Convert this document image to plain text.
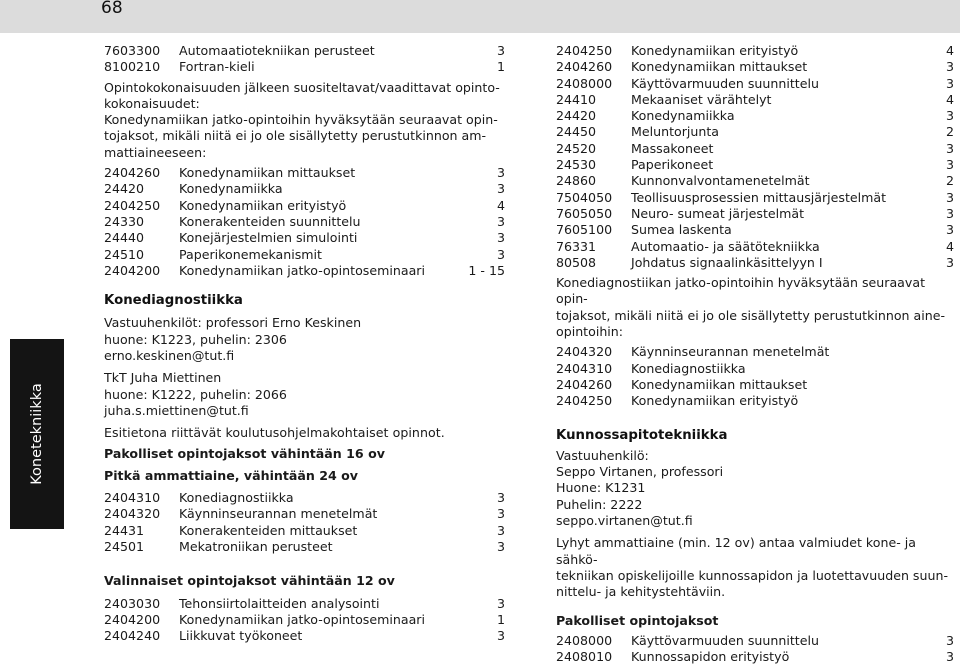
68
Konetekniikka
7603300 Automaatiotekniikan perusteet	3
8100210 Fortran-kieli	1
Opintokokonaisuuden jälkeen suositeltavat/vaadittavat opinto-
kokonaisuudet:
Konedynamiikan jatko-opintoihin hyväksytään seuraavat opin-
tojaksot, mikäli niitä ei jo ole sisällytetty perustutkinnon am-
mattiaineeseen:
2404260 Konedynamiikan mittaukset	3
24420	Konedynamiikka	3
2404250 Konedynamiikan erityistyö	4
24330	Konerakenteiden suunnittelu	3
24440	Konejärjestelmien simulointi	3
24510	Paperikonemekanismit	3
2404200 Konedynamiikan jatko-opintoseminaari	1 - 15
Konediagnostiikka
Vastuuhenkilöt: professori Erno Keskinen
huone: K1223, puhelin: 2306
erno.keskinen@tut.fi
TkT Juha Miettinen
huone: K1222, puhelin: 2066
juha.s.miettinen@tut.fi

Esitietona riittävät koulutusohjelmakohtaiset opinnot.

Pakolliset opintojaksot vähintään 16 ov
Pitkä ammattiaine, vähintään 24 ov
2404310 Konediagnostiikka	3
2404320 Käynninseurannan menetelmät	3
24431	Konerakenteiden mittaukset	3
24501	Mekatroniikan perusteet	3
Valinnaiset opintojaksot vähintään 12 ov
2403030 Tehonsiirtolaitteiden analysointi	3
2404200 Konedynamiikan jatko-opintoseminaari	1
2404240 Liikkuvat työkoneet	3
2404250 Konedynamiikan erityistyö	4
2404260 Konedynamiikan mittaukset	3
2408000 Käyttövarmuuden suunnittelu	3
24410	Mekaaniset värähtelyt	4
24420	Konedynamiikka	3
24450	Meluntorjunta	2
24520	Massakoneet	3
24530	Paperikoneet	3
24860	Kunnonvalvontamenetelmät	2
7504050 Teollisuusprosessien mittausjärjestelmät	3
7605050 Neuro- sumeat järjestelmät	3
7605100 Sumea laskenta	3
76331	Automaatio- ja säätötekniikka	4
80508	Johdatus signaalinkäsittelyyn I	3
Konediagnostiikan jatko-opintoihin hyväksytään seuraavat opin-
tojaksot, mikäli niitä ei jo ole sisällytetty perustutkinnon aine-
opintoihin:
2404320 Käynninseurannan menetelmät
2404310 Konediagnostiikka
2404260 Konedynamiikan mittaukset
2404250 Konedynamiikan erityistyö
Kunnossapitotekniikka
Vastuuhenkilö:
Seppo Virtanen, professori
Huone: K1231
Puhelin: 2222
seppo.virtanen@tut.fi
Lyhyt ammattiaine (min. 12 ov) antaa valmiudet kone- ja sähkö-
tekniikan opiskelijoille kunnossapidon ja luotettavuuden suun-
nittelu- ja kehitystehtäviin.
Pakolliset opintojaksot
2408000 Käyttövarmuuden suunnittelu	3
2408010 Kunnossapidon erityistyö	3
